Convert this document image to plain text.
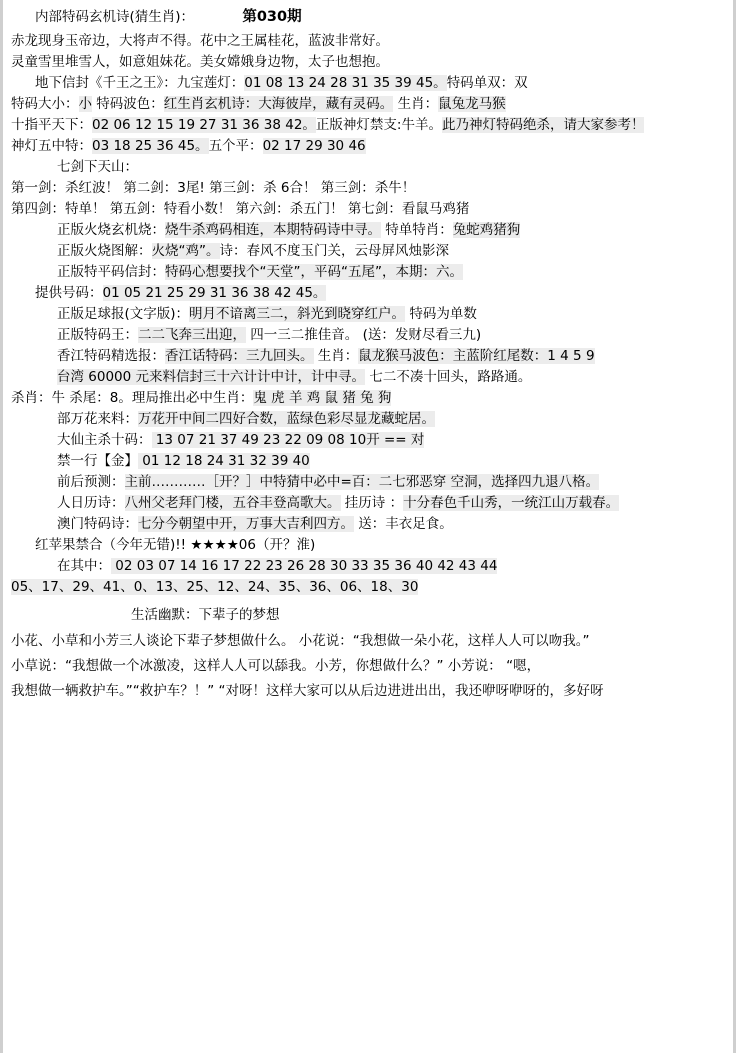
内部特码玄机诗(猜生肖)：	第030期
赤龙现身玉帝边，大将声不得。花中之王属桂花，蓝波非常好。
灵童雪里堆雪人，如意姐妹花。美女嫦娥身边物，太子也想抱。
地下信封《千王之王》：九宝莲灯：01 08 13 24 28 31 35 39 45。特码单双：双
特码大小：小 特码波色：红生肖玄机诗：大海彼岸，藏有灵码。 生肖：鼠兔龙马猴
十指平天下：02 06 12 15 19 27 31 36 38 42。正版神灯禁支:牛羊。此乃神灯特码绝杀，请大家参考！
神灯五中特：03 18 25 36 45。五个平：02 17 29 30 46
七剑下天山：
第一剑：杀红波！ 第二剑：3尾! 第三剑：杀 6合！ 第三剑：杀牛！
第四剑：特单！ 第五剑：特看小数！ 第六剑：杀五门！ 第七剑：看鼠马鸡猪
正版火烧玄机烧：烧牛杀鸡码相连，本期特码诗中寻。 特单特肖：兔蛇鸡猪狗
正版火烧图解：火烧“鸡”。诗：春风不度玉门关，云母屏风烛影深
正版特平码信封：特码心想要找个“天堂”，平码“五尾”，本期：六。
提供号码：01 05 21 25 29 31 36 38 42 45。
正版足球报(文字版)：明月不谙离三二，斜光到晓穿红户。 特码为单数
正版特码王：二二飞奔三出迎， 四一三二推佳音。 (送：发财尽看三九)
香江特码精选报：香江话特码：三九回头。 生肖：鼠龙猴马波色：主蓝阶红尾数：1 4 5 9
台湾 60000 元来料信封三十六计计中计，计中寻。 七二不凑十回头，路路通。
杀肖：牛 杀尾：8。理局推出必中生肖：鬼 虎 羊 鸡 鼠 猪 兔 狗
部万花来料：万花开中间二四好合数，蓝绿色彩尽显龙藏蛇居。
大仙主杀十码： 13 07 21 37 49 23 22 09 08 10开 == 对
禁一行【金】 01 12 18 24 31 32 39 40
前后预测：主前…………［开？］中特猜中必中=百：二七邪恶穿 空洞，选择四九退八格。
人日历诗：八州父老拜门楼，五谷丰登高歌大。 挂历诗 ：十分春色千山秀，一统江山万载春。
澳门特码诗：七分今朝望中开，万事大吉利四方。 送：丰衣足食。
红苹果禁合（今年无错)!! ★★★★06（开？淮)
在其中： 02 03 07 14 16 17 22 23 26 28 30 33 35 36 40 42 43 44
05、17、29、41、0、13、25、12、24、35、36、06、18、30
生活幽默：下辈子的梦想
小花、小草和小芳三人谈论下辈子梦想做什么。 小花说：“我想做一朵小花，这样人人可以吻我。”
小草说：“我想做一个冰激凌，这样人人可以舔我。小芳，你想做什么？” 小芳说： “嗯，
我想做一辆救护车。”“救护车？！” “对呀！这样大家可以从后边进进出出，我还咿呀咿呀的，多好呀
